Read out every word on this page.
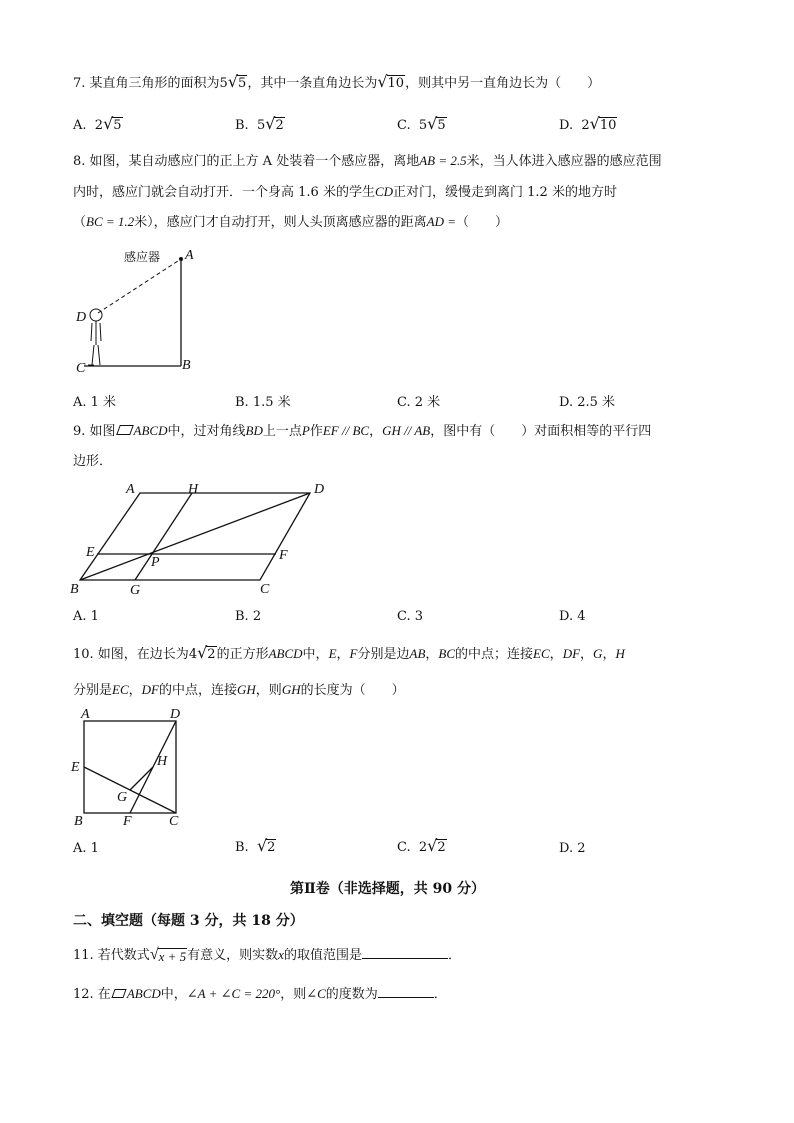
7. 某直角三角形的面积为5 √ 5 ，其中一条直角边长为 √ 10 ，则其中另一直角边长为（　　）
A. 2 √ 5	B. 5 √ 2	C. 5 √ 5	D. 2 √ 10
8. 如图，某自动感应门的正上方 A 处装着一个感应器，离地AB = 2.5米，当人体进入感应器的感应范围
内时，感应门就会自动打开．一个身高 1.6 米的学生CD正对门，缓慢走到离门 1.2 米的地方时
（BC = 1.2米），感应门才自动打开，则人头顶离感应器的距离AD =（　　）
感应器 A
B
C
D
A. 1 米	B. 1.5 米	C. 2 米	D. 2.5 米
9. 如图 ABCD中，过对角线BD上一点P作EF // BC，GH // AB，图中有（　　）对面积相等的平行四
边形．
A	H	D
E
P	F
B	G	C
A. 1	B. 2	C. 3	D. 4
10. 如图，在边长为4 √ 2 的正方形ABCD中，E，F分别是边AB，BC的中点；连接EC，DF，G，H
分别是EC，DF的中点，连接GH，则GH的长度为（　　）
A	D
E	H
G
B	F	C
A. 1	B. √ 2	C. 2 √ 2	D. 2
第Ⅱ卷（非选择题，共 90 分）
二、填空题（每题 3 分，共 18 分）
11. 若代数式 √ x + 5 有意义，则实数x的取值范围是	．
12. 在 ABCD中，∠A + ∠C = 220°，则∠C的度数为	．
